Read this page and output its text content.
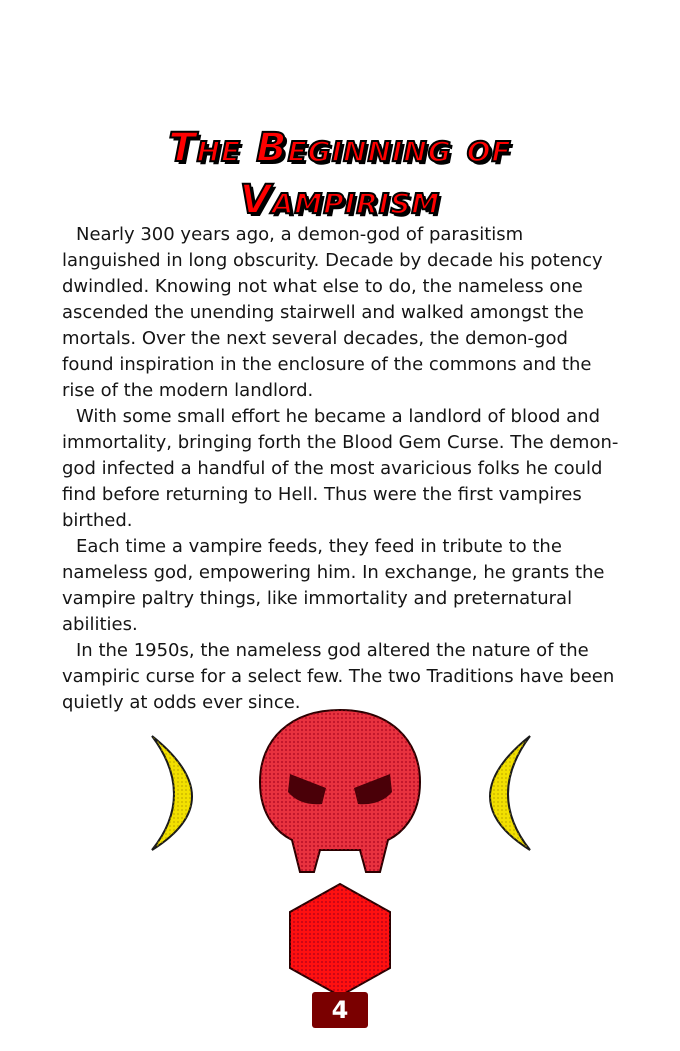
The Beginning of
Vampirism

Nearly 300 years ago, a demon-god of parasitism languished in long obscurity. Decade by decade his potency dwindled. Knowing not what else to do, the nameless one ascended the unending stairwell and walked amongst the mortals. Over the next several decades, the demon-god found inspiration in the enclosure of the commons and the rise of the modern landlord.

With some small effort he became a landlord of blood and immortality, bringing forth the Blood Gem Curse. The demon-god infected a handful of the most avaricious folks he could find before returning to Hell. Thus were the first vampires birthed.

Each time a vampire feeds, they feed in tribute to the nameless god, empowering him. In exchange, he grants the vampire paltry things, like immortality and preternatural abilities.

In the 1950s, the nameless god altered the nature of the vampiric curse for a select few. The two Traditions have been quietly at odds ever since.

4
